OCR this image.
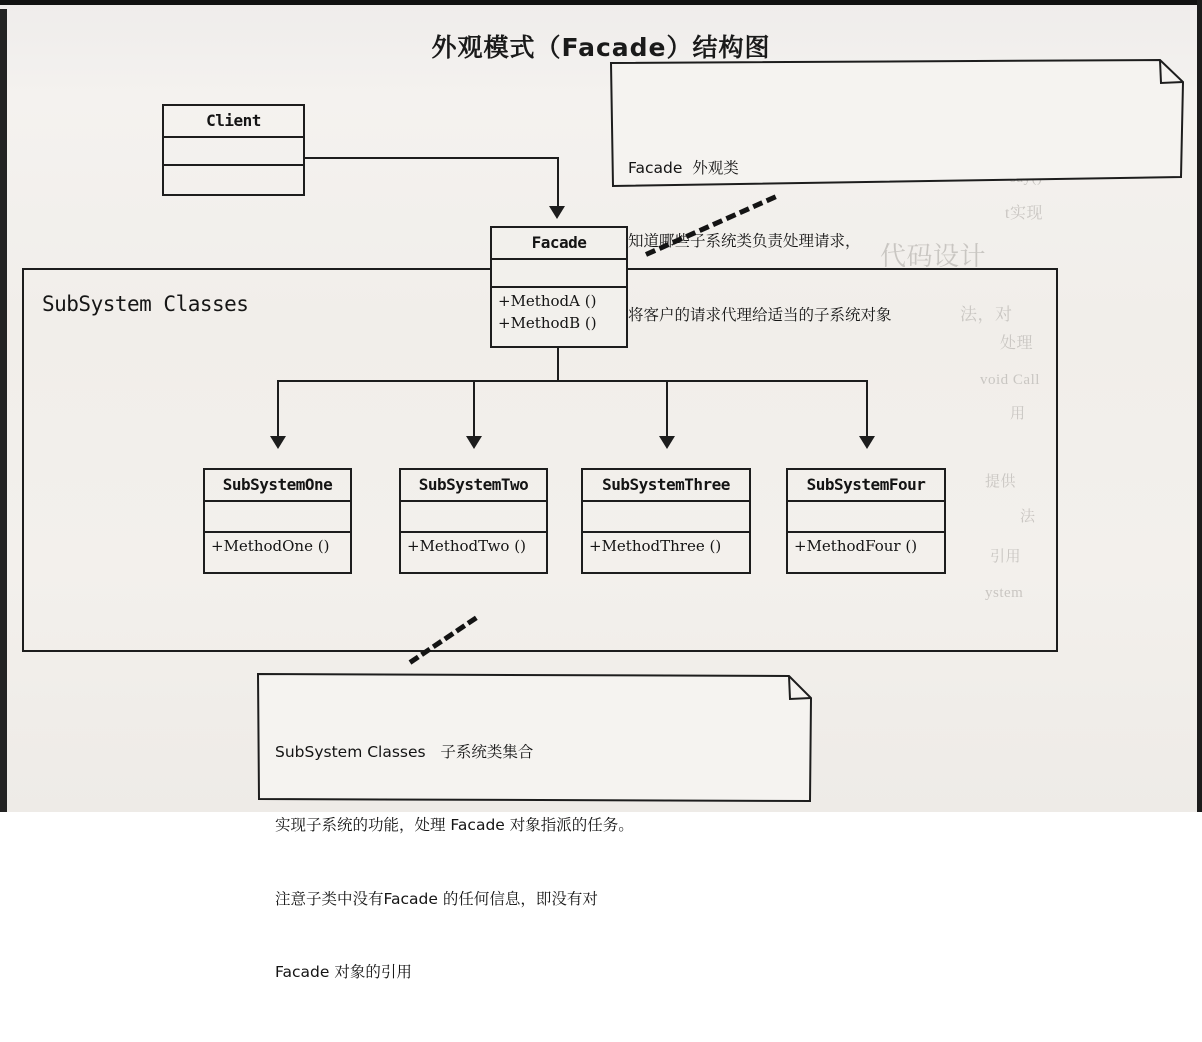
t实现
代码设计
法，对
处理
void Call
用
提供
法
引用
ystem
外观模式（Facade）结构图
Client
SubSystem Classes
Facade
+MethodA ()
+MethodB ()
SubSystemOne
+MethodOne ()
SubSystemTwo
+MethodTwo ()
SubSystemThree
+MethodThree ()
SubSystemFour
+MethodFour ()

Facade  外观类

知道哪些子系统类负责处理请求，

将客户的请求代理给适当的子系统对象

SubSystem Classes   子系统类集合

实现子系统的功能，处理 Facade 对象指派的任务。

注意子类中没有Facade 的任何信息，即没有对

Facade 对象的引用
